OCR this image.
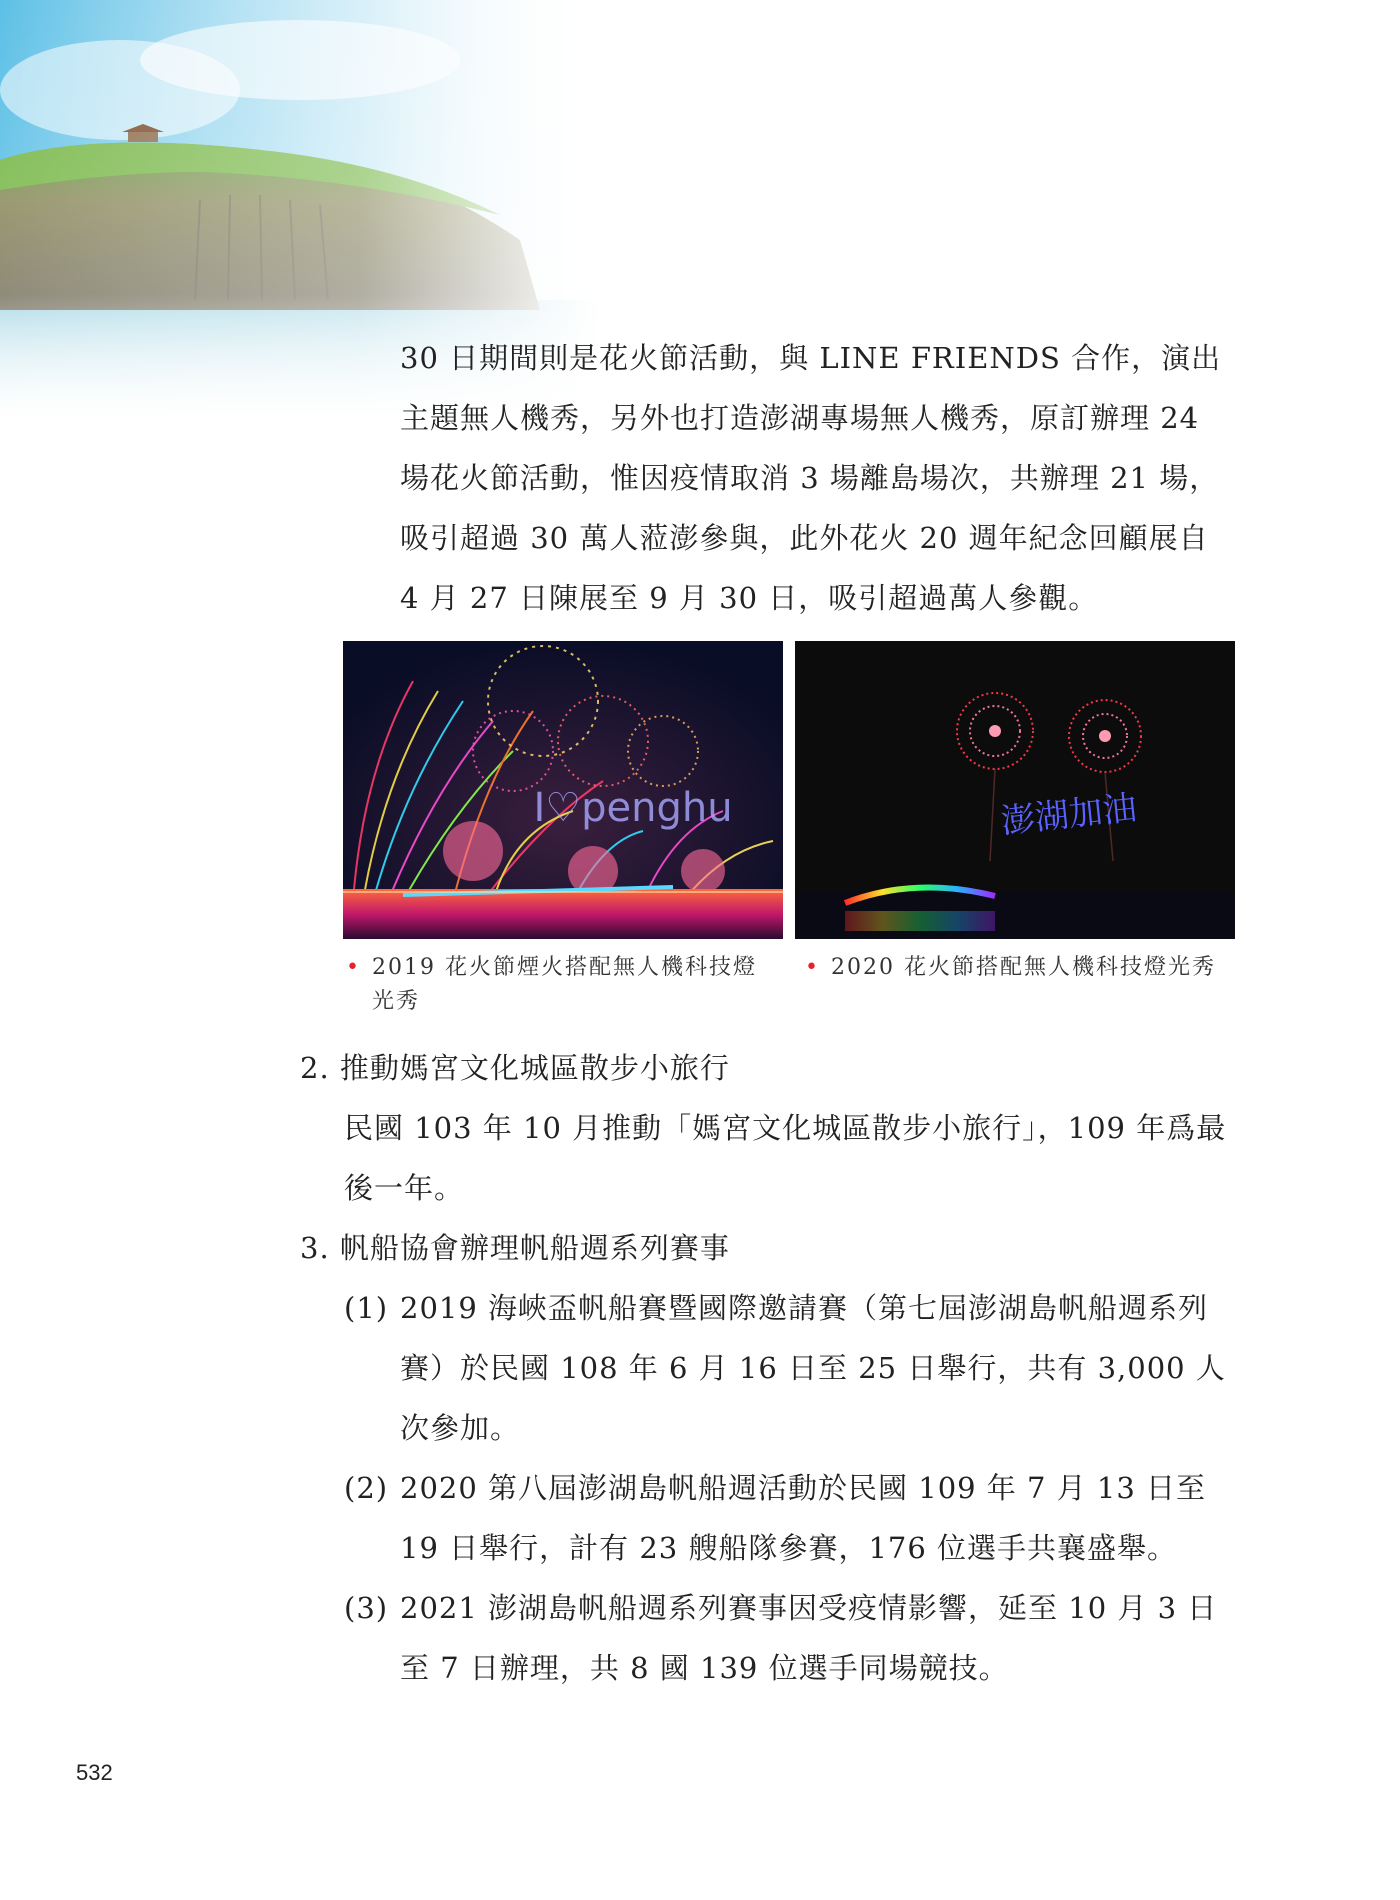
30 日期間則是花火節活動，與 LINE FRIENDS 合作，演出主題無人機秀，另外也打造澎湖專場無人機秀，原訂辦理 24 場花火節活動，惟因疫情取消 3 場離島場次，共辦理 21 場，吸引超過 30 萬人蒞澎參與，此外花火 20 週年紀念回顧展自 4 月 27 日陳展至 9 月 30 日，吸引超過萬人參觀。

I♡penghu	澎湖加油
• 2019 花火節煙火搭配無人機科技燈光秀
• 2020 花火節搭配無人機科技燈光秀

2. 推動媽宮文化城區散步小旅行

民國 103 年 10 月推動「媽宮文化城區散步小旅行」，109 年爲最後一年。

3. 帆船協會辦理帆船週系列賽事

(1) 2019 海峽盃帆船賽暨國際邀請賽（第七屆澎湖島帆船週系列賽）於民國 108 年 6 月 16 日至 25 日舉行，共有 3,000 人次參加。
(2) 2020 第八屆澎湖島帆船週活動於民國 109 年 7 月 13 日至 19 日舉行，計有 23 艘船隊參賽，176 位選手共襄盛舉。
(3) 2021 澎湖島帆船週系列賽事因受疫情影響，延至 10 月 3 日至 7 日辦理，共 8 國 139 位選手同場競技。
532
